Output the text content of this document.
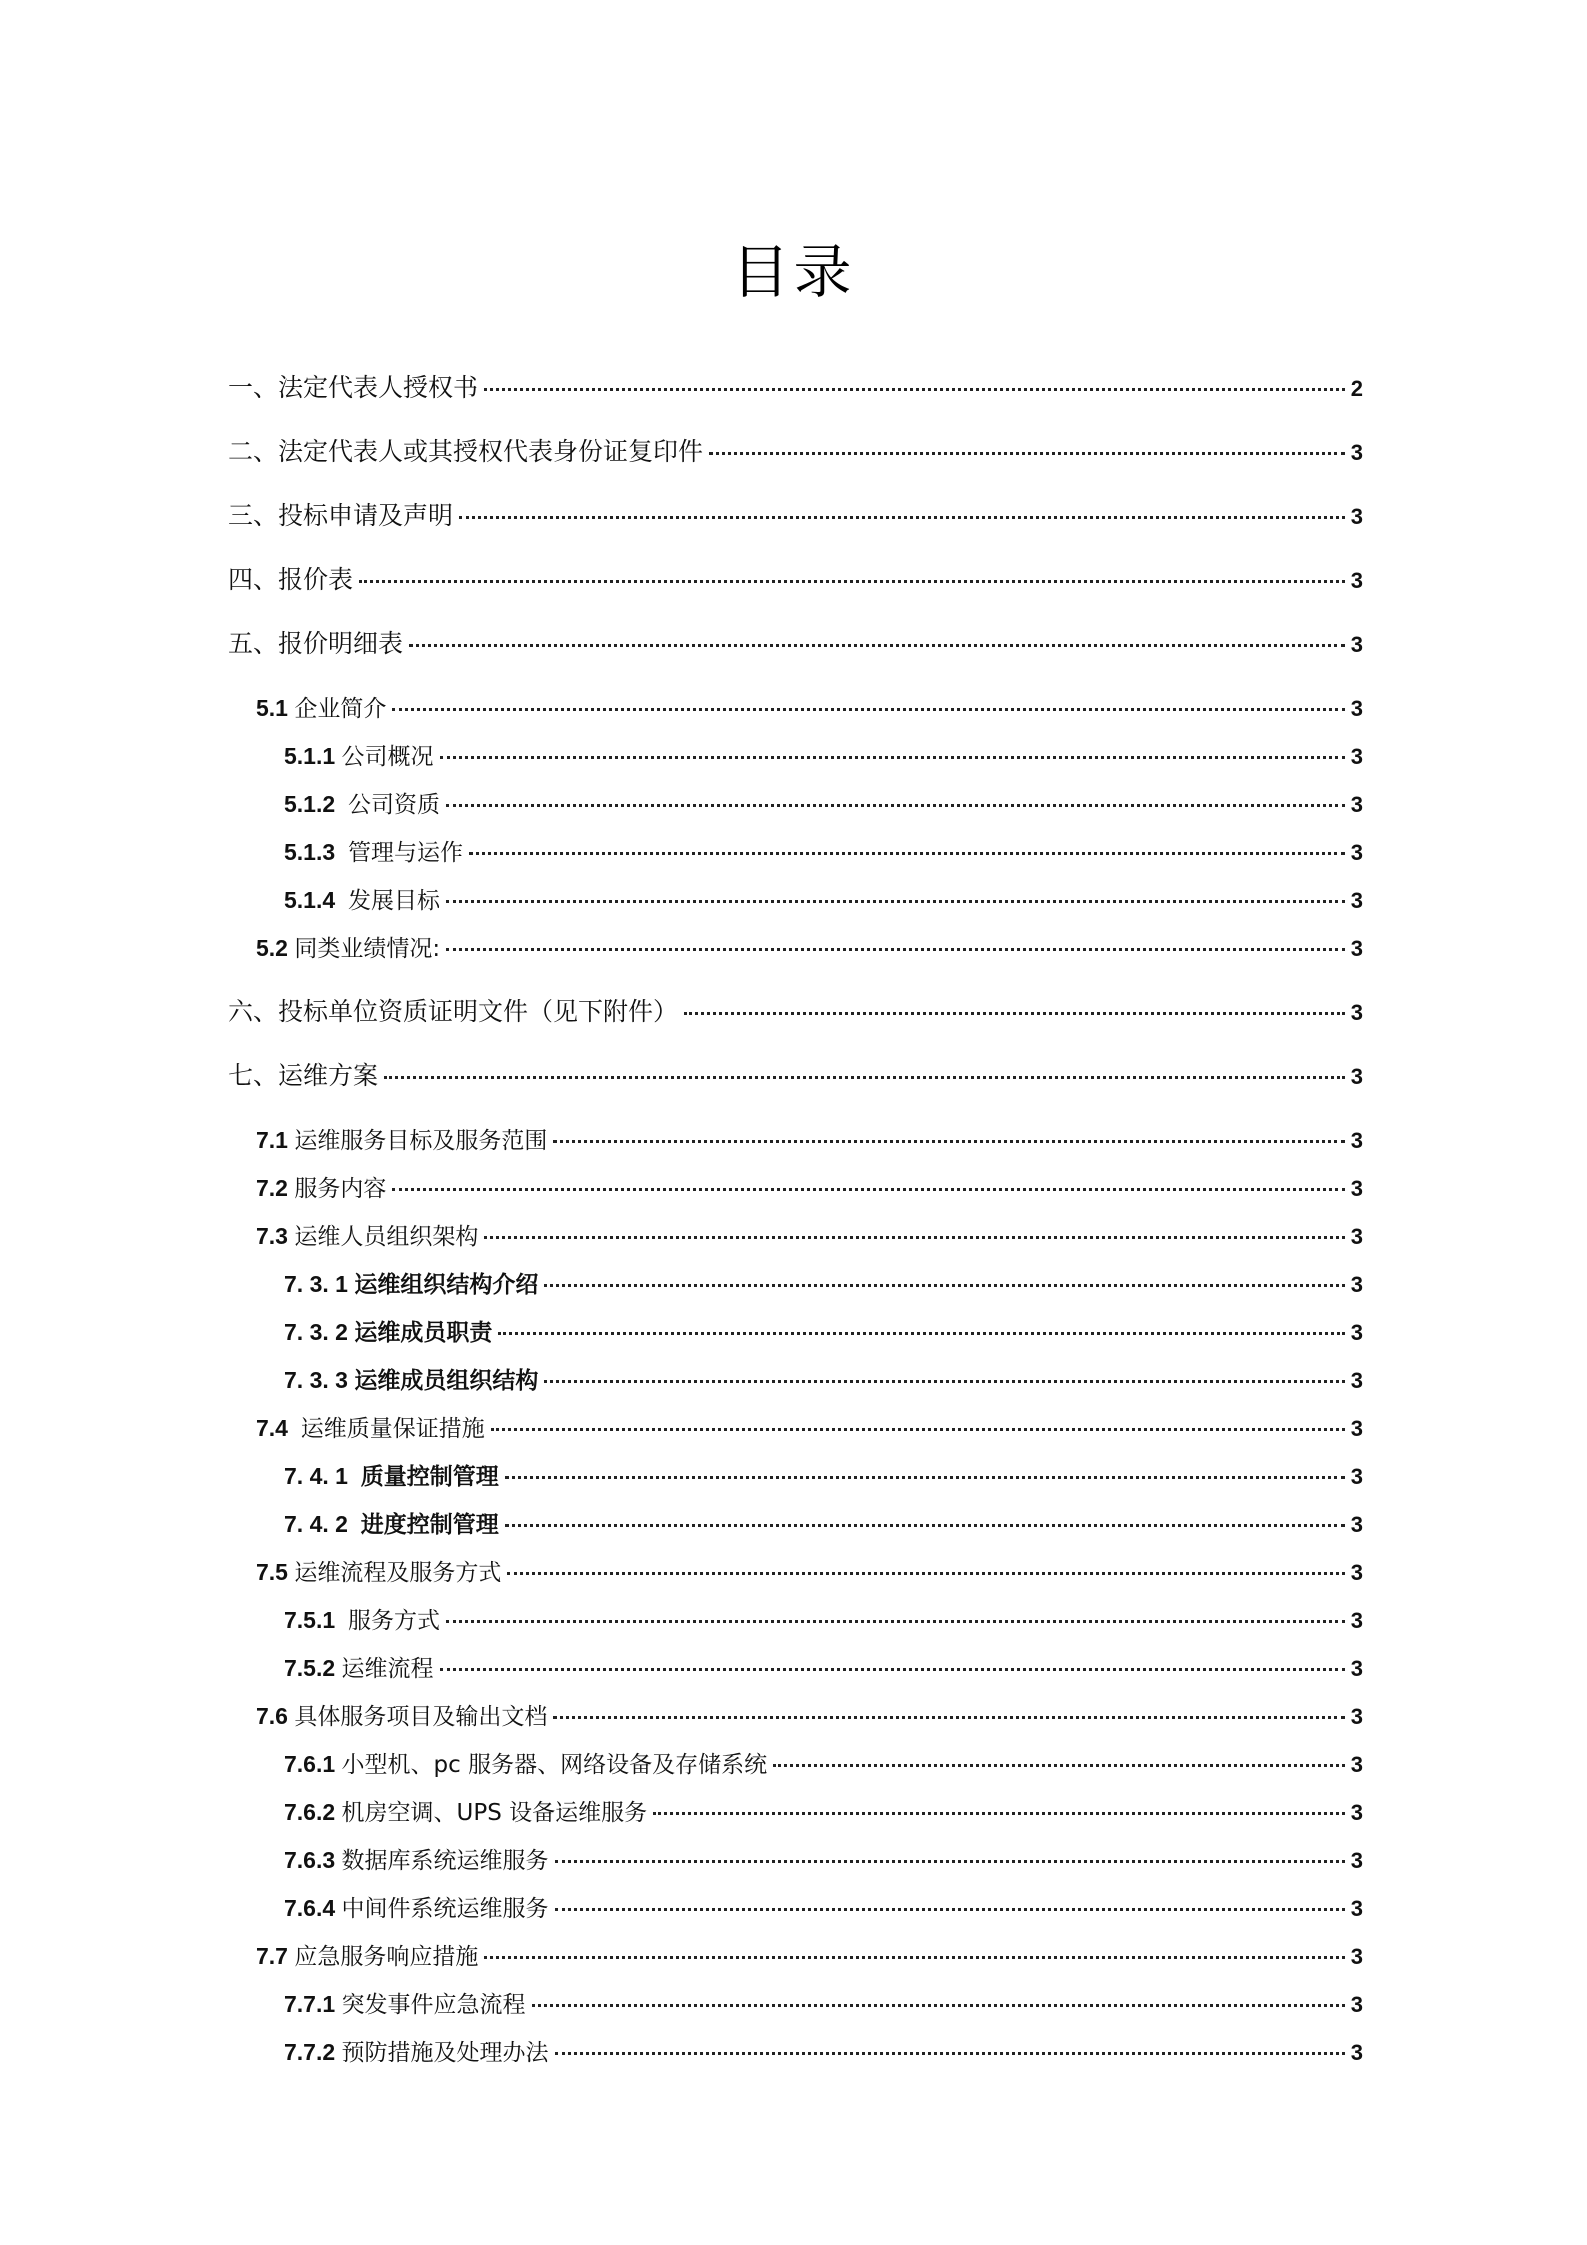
目录
一、法定代表人授权书	2
二、法定代表人或其授权代表身份证复印件	3
三、投标申请及声明	3
四、报价表	3
五、报价明细表	3
5.1 企业简介	3
5.1.1 公司概况	3
5.1.2 公司资质	3
5.1.3 管理与运作	3
5.1.4 发展目标	3
5.2 同类业绩情况:	3
六、投标单位资质证明文件（见下附件）	3
七、运维方案	3
7.1 运维服务目标及服务范围	3
7.2 服务内容	3
7.3 运维人员组织架构	3
7. 3. 1 运维组织结构介绍	3
7. 3. 2 运维成员职责	3
7. 3. 3 运维成员组织结构	3
7.4 运维质量保证措施	3
7. 4. 1 质量控制管理	3
7. 4. 2 进度控制管理	3
7.5 运维流程及服务方式	3
7.5.1 服务方式	3
7.5.2 运维流程	3
7.6 具体服务项目及输出文档	3
7.6.1 小型机、pc 服务器、网络设备及存储系统	3
7.6.2 机房空调、UPS 设备运维服务	3
7.6.3 数据库系统运维服务	3
7.6.4 中间件系统运维服务	3
7.7 应急服务响应措施	3
7.7.1 突发事件应急流程	3
7.7.2 预防措施及处理办法	3
